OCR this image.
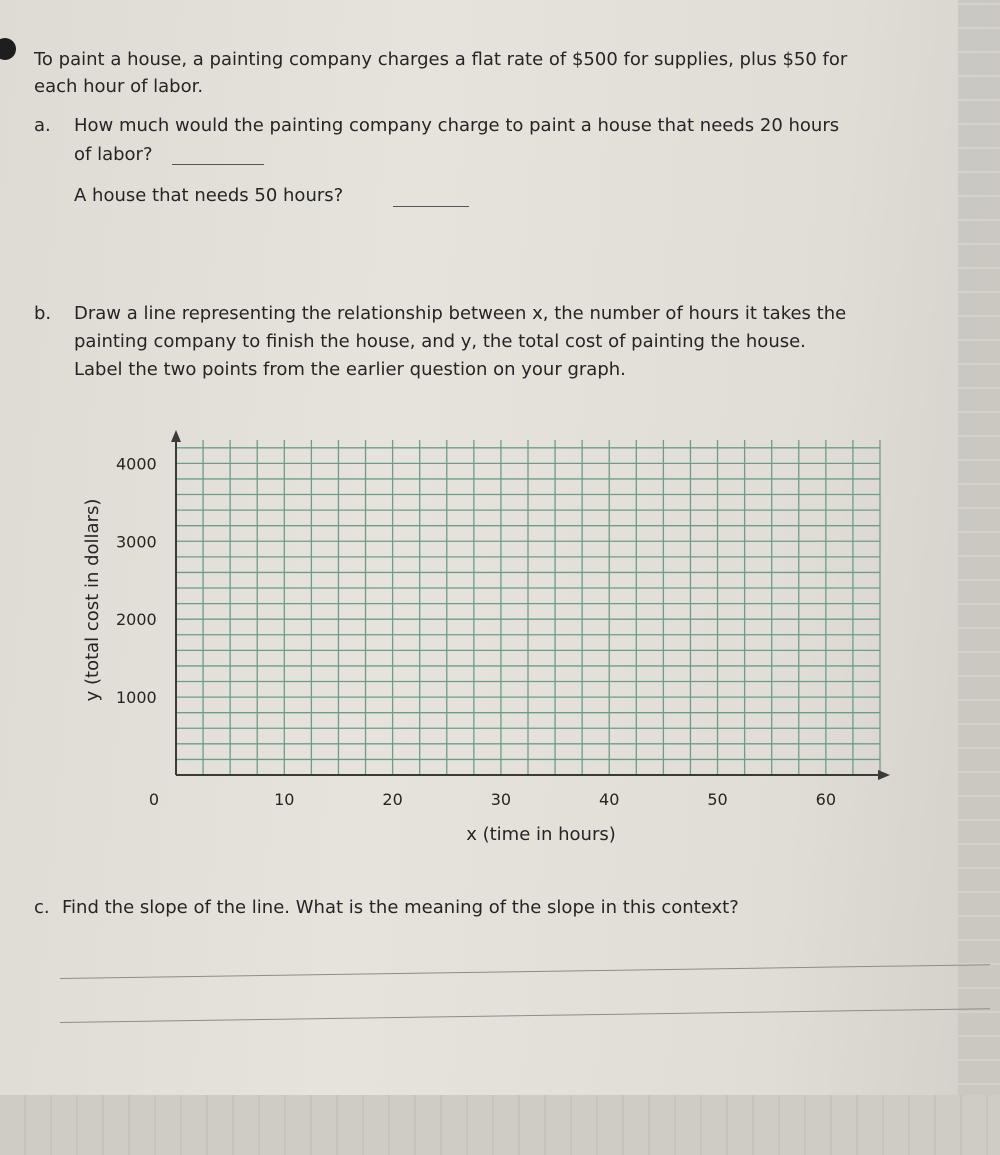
To paint a house, a painting company charges a flat rate of $500 for supplies, plus $50 for
each hour of labor.
a. How much would the painting company charge to paint a house that needs 20 hours
of labor?
A house that needs 50 hours?
b. Draw a line representing the relationship between x, the number of hours it takes the
painting company to finish the house, and y, the total cost of painting the house.
Label the two points from the earlier question on your graph.
0	10	20	30	40	50	60
1000
2000
3000
4000
x (time in hours)
y (total cost in dollars)
c. Find the slope of the line. What is the meaning of the slope in this context?
